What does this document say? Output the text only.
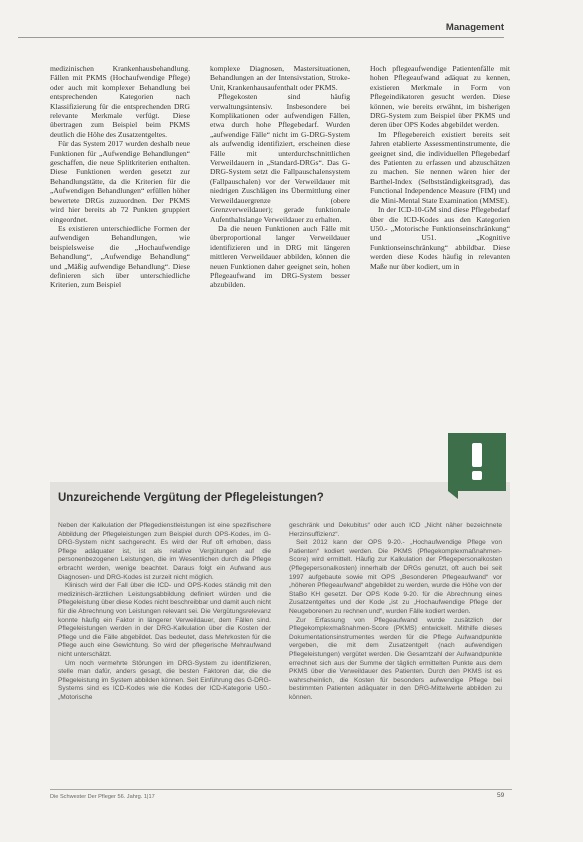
Management

medizinischen Krankenhausbehandlung. Fällen mit PKMS (Hochaufwendige Pflege) oder auch mit komplexer Behandlung bei entsprechenden Kategorien nach Klassifizierung für die entsprechenden DRG relevante Merkmale verfügt. Diese übertragen zum Beispiel beim PKMS deutlich die Höhe des Zusatzentgeltes.

Für das System 2017 wurden deshalb neue Funktionen für „Aufwendige Behandlungen“ geschaffen, die neue Splitkriterien enthalten. Diese Funktionen werden gesetzt zur Behandlungstätte, da die Kriterien für die „Aufwendigen Behandlungen“ erfüllen höher bewertete DRGs zuzuordnen. Der PKMS wird hier bereits ab 72 Punkten gruppiert eingeordnet.

Es existieren unterschiedliche Formen der aufwendigen Behandlungen, wie beispielsweise die „Hochaufwendige Behandlung“, „Aufwendige Behandlung“ und „Mäßig aufwendige Behandlung“. Diese definieren sich über unterschiedliche Kriterien, zum Beispiel

komplexe Diagnosen, Mastersituationen, Behandlungen an der Intensivstation, Stroke-Unit, Krankenhausaufenthalt oder PKMS.

Pflegekosten sind häufig verwaltungsintensiv. Insbesondere bei Komplikationen oder aufwendigen Fällen, etwa durch hohe Pflegebedarf. Wurden „aufwendige Fälle“ nicht im G-DRG-System als aufwendig identifiziert, erscheinen diese Fälle mit unterdurchschnittlichen Verweildauern in „Standard-DRGs“. Das G-DRG-System setzt die Fallpauschalensystem (Fallpauschalen) vor der Verweildauer mit niedrigen Zuschlägen ins Übermittlung einer Verweildauergrenze (obere Grenzverweildauer); gerade funktionale Aufenthaltslange Verweildauer zu erhalten.

Da die neuen Funktionen auch Fälle mit überproportional langer Verweildauer identifizieren und in DRG mit längeren mittleren Verweildauer abbilden, können die neuen Funktionen daher geeignet sein, hohen Pflegeaufwand im DRG-System besser abzubilden.

Hoch pflegeaufwendige Patientenfälle mit hohen Pflegeaufwand adäquat zu kennen, existieren Merkmale in Form von Pflegeindikatoren gesucht werden. Diese können, wie bereits erwähnt, im bisherigen DRG-System zum Beispiel über PKMS und deren über OPS Kodes abgebildet werden.

Im Pflegebereich existiert bereits seit Jahren etablierte Assessmentinstrumente, die geeignet sind, die individuellen Pflegebedarf des Patienten zu erfassen und abzuschätzen zu machen. Sie nennen wären hier der Barthel-Index (Selbstständigkeitsgrad), das Functional Independence Measure (FIM) und die Mini-Mental State Examination (MMSE).

In der ICD-10-GM sind diese Pflegebedarf über die ICD-Kodes aus den Kategorien U50.- „Motorische Funktionseinschränkung“ und U51. „Kognitive Funktionseinschränkung“ abbildbar. Diese werden diese Kodes häufig in relevanten Maße nur über kodiert, um in

Unzureichende Vergütung der Pflegeleistungen?

Neben der Kalkulation der Pflegedienstleistungen ist eine spezifischere Abbildung der Pflegeleistungen zum Beispiel durch OPS-Kodes, im G-DRG-System nicht sachgerecht. Es wird der Ruf oft erhoben, dass Pflege adäquater ist, ist als relative Vergütungen auf die personenbezogenen Leistungen, die im Wesentlichen durch die Pflege erbracht werden, wenige beachtet. Daraus folgt ein Aufwand aus Diagnosen- und DRG-Kodes ist zurzeit nicht möglich.

Klinisch wird der Fall über die ICD- und OPS-Kodes ständig mit den medizinisch-ärztlichen Leistungsabbildung definiert würden und die Pflegeleistung über diese Kodes nicht beschreibbar und damit auch nicht für die Abrechnung von Leistungen relevant sei. Die Vergütungsrelevanz konnte häufig ein Faktor in längerer Verweildauer, dem Fällen sind. Pflegeleistungen werden in der DRG-Kalkulation über die Kosten der Pflege und die Fälle abgebildet. Das bedeutet, dass Mehrkosten für die Pflege auch eine Gewichtung. So wird der pflegerische Mehraufwand nicht unterschätzt.

Um noch vermehrte Störungen im DRG-System zu identifizieren, stelle man dafür, anders gesagt, die besten Faktoren dar, die die Pflegeleistung im System abbilden können. Seit Einführung des G-DRG-Systems sind es ICD-Kodes wie die Kodes der ICD-Kategorie U50.- „Motorische

geschränk und Dekubitus“ oder auch ICD „Nicht näher bezeichnete Herzinsuffizienz“.

Seit 2012 kann der OPS 9-20.- „Hochaufwendige Pflege von Patienten“ kodiert werden. Die PKMS (Pflegekomplexmaßnahmen-Score) wird ermittelt. Häufig zur Kalkulation der Pflegepersonalkosten (Pflegepersonalkosten) innerhalb der DRGs genutzt, oft auch bei seit 1997 aufgebaute sowie mit OPS „Besonderen Pflegeaufwand“ vor „höheren Pflegeaufwand“ abgebildet zu werden, wurde die Höhe von der StaBo KH gesetzt. Der OPS Kode 9-20. für die Abrechnung eines Zusatzentgeltes und der Kode „ist zu „Hochaufwendige Pflege der Neugeborenen zu rechnen und“, wurden Fälle kodiert werden.

Zur Erfassung von Pflegeaufwand wurde zusätzlich der Pflegekomplexmaßnahmen-Score (PKMS) entwickelt. Mithilfe dieses Dokumentationsinstrumentes werden für die Pflege Aufwandpunkte vergeben, die mit dem Zusatzentgelt (nach aufwendigen Pflegeleistungen) vergütet werden. Die Gesamtzahl der Aufwandpunkte errechnet sich aus der Summe der täglich ermittelten Punkte aus dem PKMS über die Verweildauer des Patienten. Durch den PKMS ist es wahrscheinlich, die Kosten für besonders aufwendige Pflege bei bestimmten Patienten adäquater in den DRG-Mittelwerte abbilden zu können.

Die Schwester Der Pfleger 56. Jahrg. 1|17	59
